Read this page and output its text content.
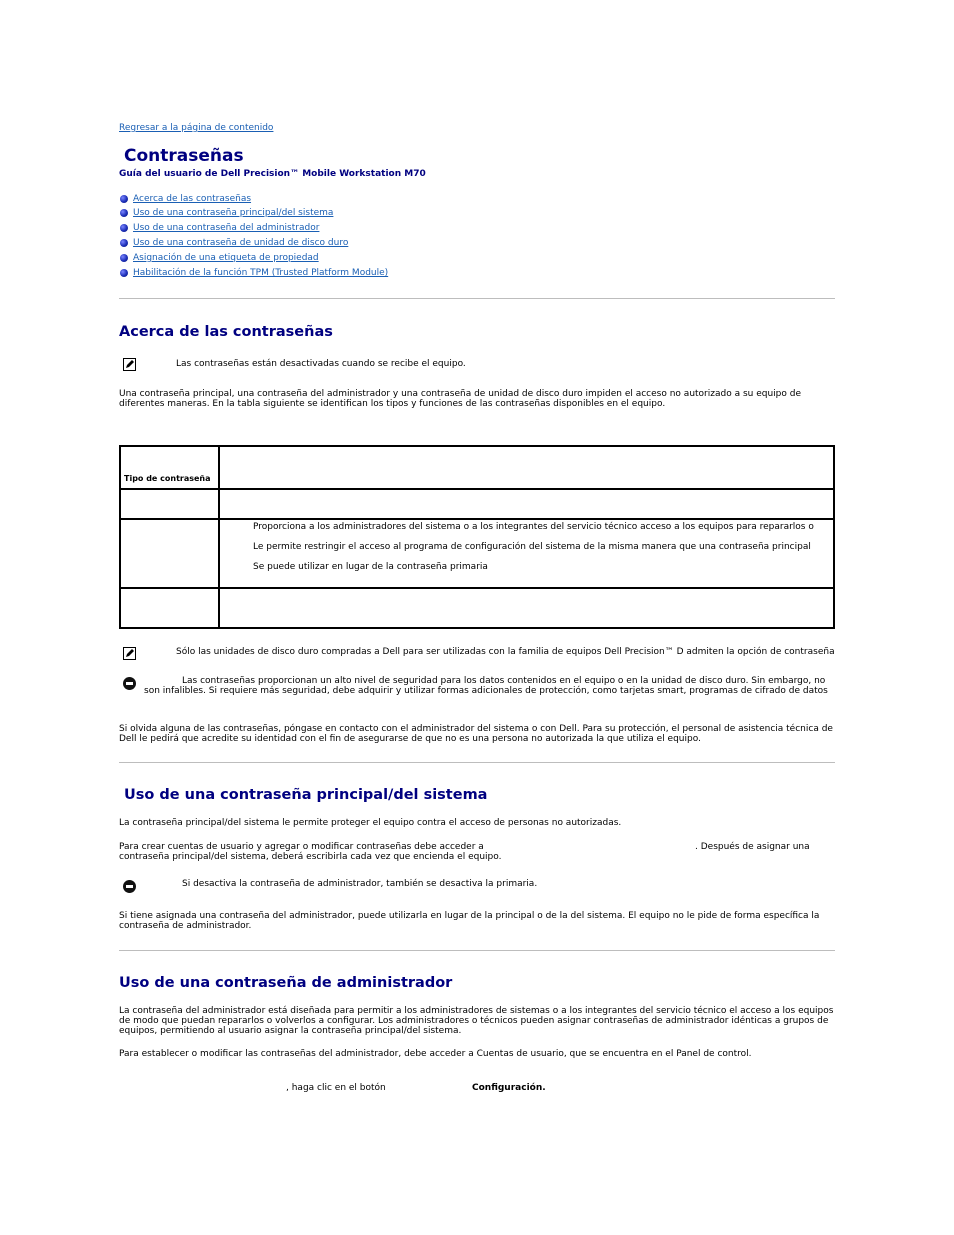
Regresar a la página de contenido
Contraseñas
Guía del usuario de Dell Precision™ Mobile Workstation M70
Acerca de las contraseñas
Uso de una contraseña principal/del sistema
Uso de una contraseña del administrador
Uso de una contraseña de unidad de disco duro
Asignación de una etiqueta de propiedad
Habilitación de la función TPM (Trusted Platform Module)
Acerca de las contraseñas
Las contraseñas están desactivadas cuando se recibe el equipo.
Una contraseña principal, una contraseña del administrador y una contraseña de unidad de disco duro impiden el acceso no autorizado a su equipo de
diferentes maneras. En la tabla siguiente se identifican los tipos y funciones de las contraseñas disponibles en el equipo.
Tipo de contraseña
Proporciona a los administradores del sistema o a los integrantes del servicio técnico acceso a los equipos para repararlos o
Le permite restringir el acceso al programa de configuración del sistema de la misma manera que una contraseña principal
Se puede utilizar en lugar de la contraseña primaria
Sólo las unidades de disco duro compradas a Dell para ser utilizadas con la familia de equipos Dell Precision™ D admiten la opción de contraseña
Las contraseñas proporcionan un alto nivel de seguridad para los datos contenidos en el equipo o en la unidad de disco duro. Sin embargo, no
son infalibles. Si requiere más seguridad, debe adquirir y utilizar formas adicionales de protección, como tarjetas smart, programas de cifrado de datos
Si olvida alguna de las contraseñas, póngase en contacto con el administrador del sistema o con Dell. Para su protección, el personal de asistencia técnica de
Dell le pedirá que acredite su identidad con el fin de asegurarse de que no es una persona no autorizada la que utiliza el equipo.
Uso de una contraseña principal/del sistema
La contraseña principal/del sistema le permite proteger el equipo contra el acceso de personas no autorizadas.
Para crear cuentas de usuario y agregar o modificar contraseñas debe acceder a	. Después de asignar una
contraseña principal/del sistema, deberá escribirla cada vez que encienda el equipo.
Si desactiva la contraseña de administrador, también se desactiva la primaria.
Si tiene asignada una contraseña del administrador, puede utilizarla en lugar de la principal o de la del sistema. El equipo no le pide de forma específica la
contraseña de administrador.
Uso de una contraseña de administrador
La contraseña del administrador está diseñada para permitir a los administradores de sistemas o a los integrantes del servicio técnico el acceso a los equipos
de modo que puedan repararlos o volverlos a configurar. Los administradores o técnicos pueden asignar contraseñas de administrador idénticas a grupos de
equipos, permitiendo al usuario asignar la contraseña principal/del sistema.
Para establecer o modificar las contraseñas del administrador, debe acceder a Cuentas de usuario, que se encuentra en el Panel de control.
, haga clic en el botón	Configuración.
